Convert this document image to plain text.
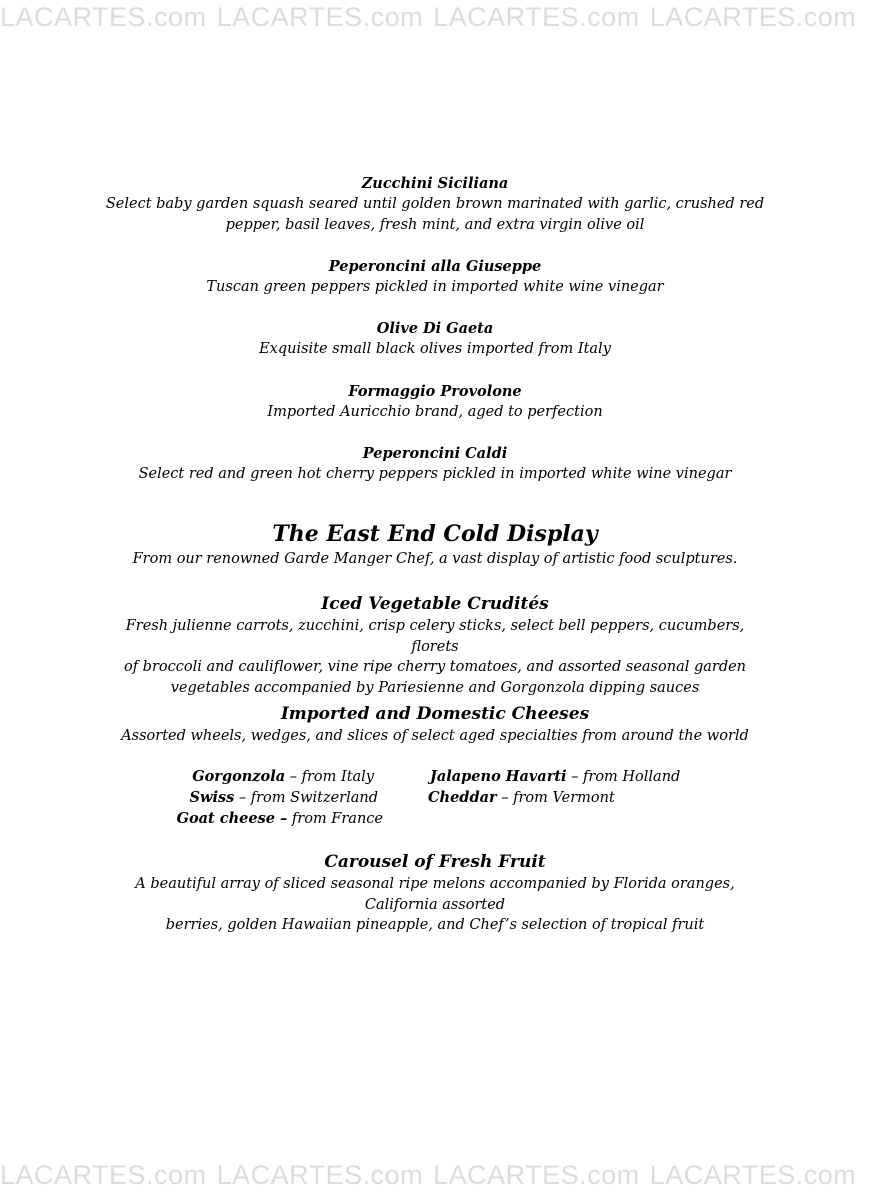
LACARTES.com LACARTES.com LACARTES.com LACARTES.com
Zucchini Siciliana
Select baby garden squash seared until golden brown marinated with garlic, crushed red
pepper, basil leaves, fresh mint, and extra virgin olive oil
Peperoncini alla Giuseppe
Tuscan green peppers pickled in imported white wine vinegar
Olive Di Gaeta
Exquisite small black olives imported from Italy
Formaggio Provolone
Imported Auricchio brand, aged to perfection
Peperoncini Caldi
Select red and green hot cherry peppers pickled in imported white wine vinegar
The East End Cold Display
From our renowned Garde Manger Chef, a vast display of artistic food sculptures.
Iced Vegetable Crudités
Fresh julienne carrots, zucchini, crisp celery sticks, select bell peppers, cucumbers, florets
of broccoli and cauliflower, vine ripe cherry tomatoes, and assorted seasonal garden
vegetables accompanied by Pariesienne and Gorgonzola dipping sauces
Imported and Domestic Cheeses
Assorted wheels, wedges, and slices of select aged specialties from around the world
Gorgonzola – from Italy
Swiss – from Switzerland
Goat cheese – from France
Jalapeno Havarti – from Holland
Cheddar – from Vermont
Carousel of Fresh Fruit
A beautiful array of sliced seasonal ripe melons accompanied by Florida oranges,
California assorted
berries, golden Hawaiian pineapple, and Chef’s selection of tropical fruit
LACARTES.com LACARTES.com LACARTES.com LACARTES.com
